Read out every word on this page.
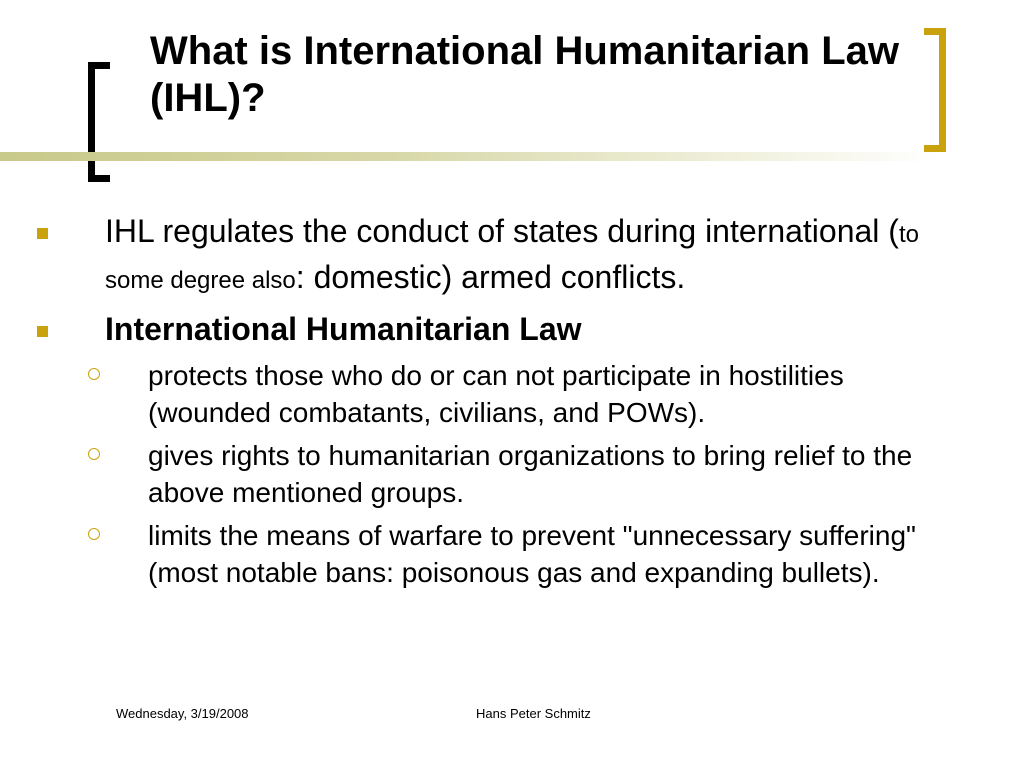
What is International Humanitarian Law (IHL)?
IHL regulates the conduct of states during international (to some degree also: domestic) armed conflicts.
International Humanitarian Law
protects those who do or can not participate in hostilities (wounded combatants, civilians, and POWs).
gives rights to humanitarian organizations to bring relief to the above mentioned groups.
limits the means of warfare to prevent "unnecessary suffering" (most notable bans: poisonous gas and expanding bullets).
Wednesday, 3/19/2008	Hans Peter Schmitz
